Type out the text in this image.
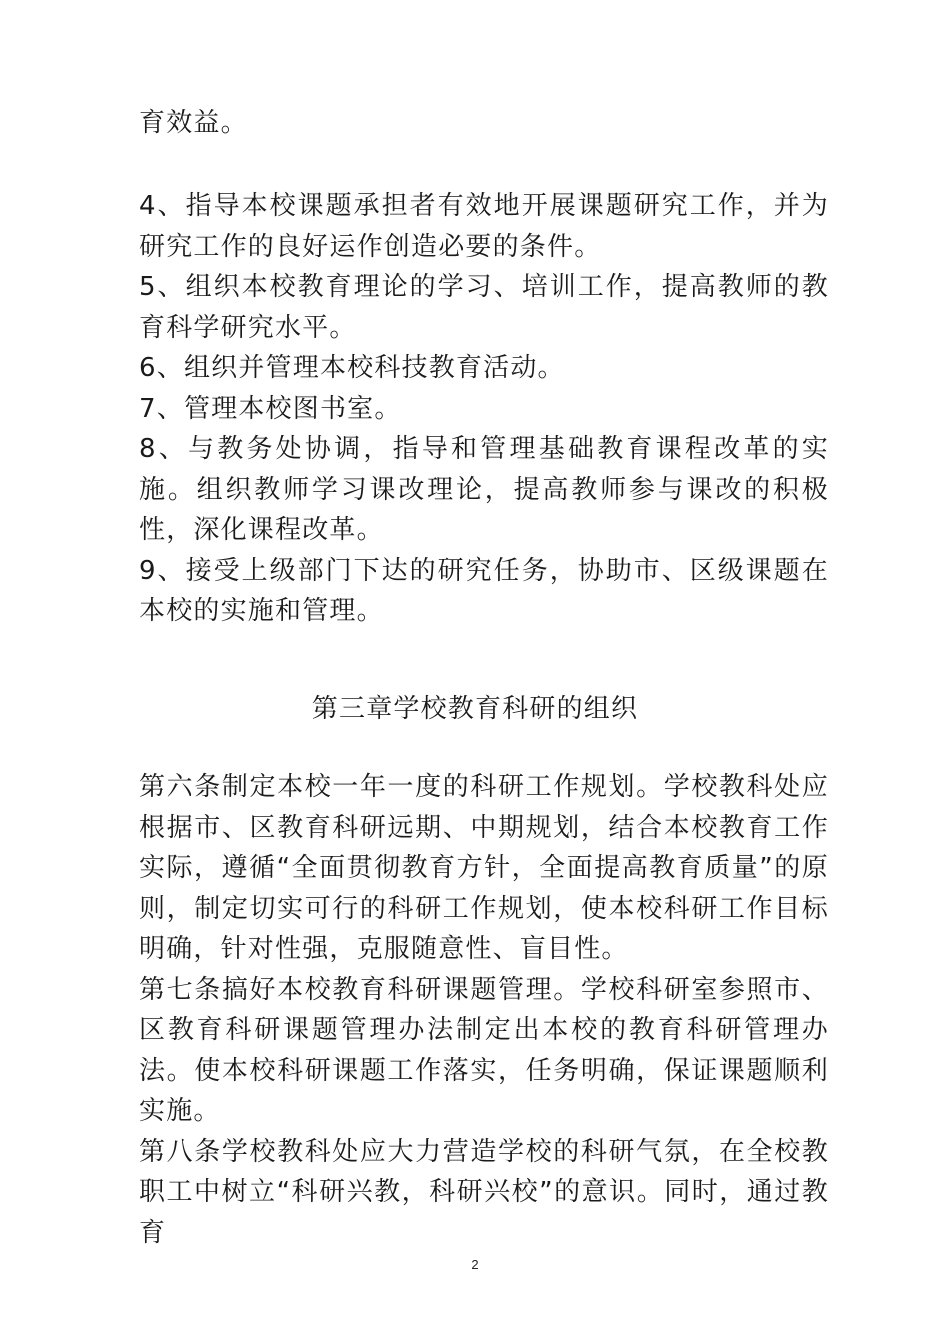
育效益。

4、指导本校课题承担者有效地开展课题研究工作，并为研究工作的良好运作创造必要的条件。

5、组织本校教育理论的学习、培训工作，提高教师的教育科学研究水平。

6、组织并管理本校科技教育活动。

7、管理本校图书室。

8、与教务处协调，指导和管理基础教育课程改革的实施。组织教师学习课改理论，提高教师参与课改的积极性，深化课程改革。

9、接受上级部门下达的研究任务，协助市、区级课题在本校的实施和管理。

第三章学校教育科研的组织

第六条制定本校一年一度的科研工作规划。学校教科处应根据市、区教育科研远期、中期规划，结合本校教育工作实际，遵循“全面贯彻教育方针，全面提高教育质量”的原则，制定切实可行的科研工作规划，使本校科研工作目标明确，针对性强，克服随意性、盲目性。

第七条搞好本校教育科研课题管理。学校科研室参照市、区教育科研课题管理办法制定出本校的教育科研管理办法。使本校科研课题工作落实，任务明确，保证课题顺利实施。

第八条学校教科处应大力营造学校的科研气氛，在全校教职工中树立“科研兴教，科研兴校”的意识。同时，通过教育

2
